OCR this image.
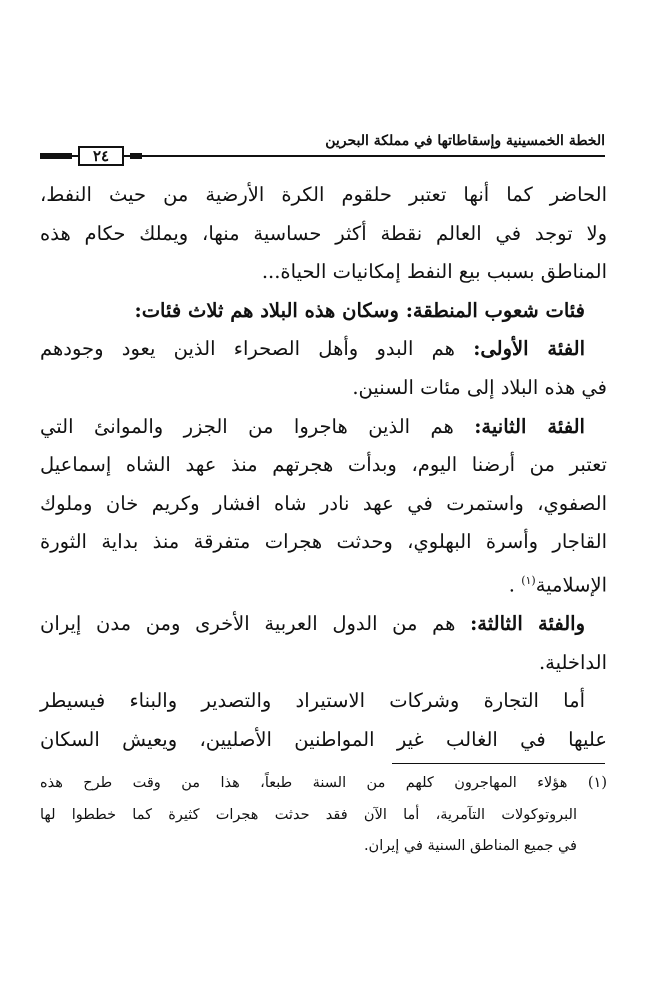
٢٤
الخطة الخمسينية وإسقاطاتها في مملكة البحرين

الحاضر كما أنها تعتبر حلقوم الكرة الأرضية من حيث النفط،
ولا توجد في العالم نقطة أكثر حساسية منها، ويملك حكام هذه
المناطق بسبب بيع النفط إمكانيات الحياة...

فئات شعوب المنطقة: وسكان هذه البلاد هم ثلاث فئات:

الفئة الأولى: هم البدو وأهل الصحراء الذين يعود وجودهم
في هذه البلاد إلى مئات السنين.

الفئة الثانية: هم الذين هاجروا من الجزر والموانئ التي
تعتبر من أرضنا اليوم، وبدأت هجرتهم منذ عهد الشاه إسماعيل
الصفوي، واستمرت في عهد نادر شاه افشار وكريم خان وملوك
القاجار وأسرة البهلوي، وحدثت هجرات متفرقة منذ بداية الثورة
الإسلامية$^{(١)}$ .

والفئة الثالثة: هم من الدول العربية الأخرى ومن مدن إيران
الداخلية.

أما التجارة وشركات الاستيراد والتصدير والبناء فيسيطر
عليها في الغالب غير المواطنين الأصليين، ويعيش السكان

(١) هؤلاء المهاجرون كلهم من السنة طبعاً، هذا من وقت طرح هذه
البروتوكولات التآمرية، أما الآن فقد حدثت هجرات كثيرة كما خططوا لها
في جميع المناطق السنية في إيران.
